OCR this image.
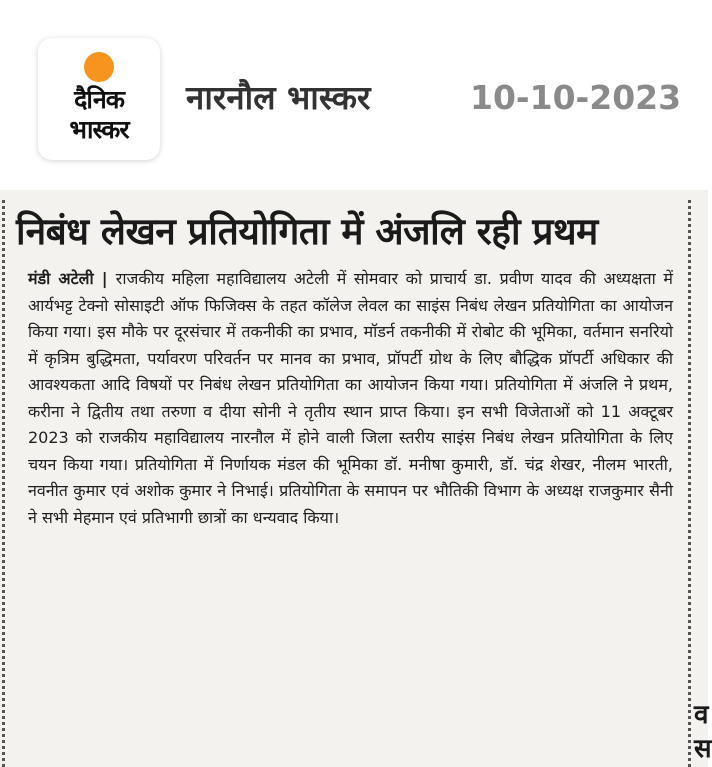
दैनिक
भास्कर
नारनौल भास्कर	10-10-2023
निबंध लेखन प्रतियोगिता में अंजलि रही प्रथम
मंडी अटेली | राजकीय महिला महाविद्यालय अटेली में सोमवार को प्राचार्य डा. प्रवीण यादव की अध्यक्षता में आर्यभट्ट टेक्नो सोसाइटी ऑफ फिजिक्स के तहत कॉलेज लेवल का साइंस निबंध लेखन प्रतियोगिता का आयोजन किया गया। इस मौके पर दूरसंचार में तकनीकी का प्रभाव, मॉडर्न तकनीकी में रोबोट की भूमिका, वर्तमान सनरियो में कृत्रिम बुद्धिमता, पर्यावरण परिवर्तन पर मानव का प्रभाव, प्रॉपर्टी ग्रोथ के लिए बौद्धिक प्रॉपर्टी अधिकार की आवश्यकता आदि विषयों पर निबंध लेखन प्रतियोगिता का आयोजन किया गया। प्रतियोगिता में अंजलि ने प्रथम, करीना ने द्वितीय तथा तरुणा व दीया सोनी ने तृतीय स्थान प्राप्त किया। इन सभी विजेताओं को 11 अक्टूबर 2023 को राजकीय महाविद्यालय नारनौल में होने वाली जिला स्तरीय साइंस निबंध लेखन प्रतियोगिता के लिए चयन किया गया। प्रतियोगिता में निर्णायक मंडल की भूमिका डॉ. मनीषा कुमारी, डॉ. चंद्र शेखर, नीलम भारती, नवनीत कुमार एवं अशोक कुमार ने निभाई। प्रतियोगिता के समापन पर भौतिकी विभाग के अध्यक्ष राजकुमार सैनी ने सभी मेहमान एवं प्रतिभागी छात्रों का धन्यवाद किया।
व
स
